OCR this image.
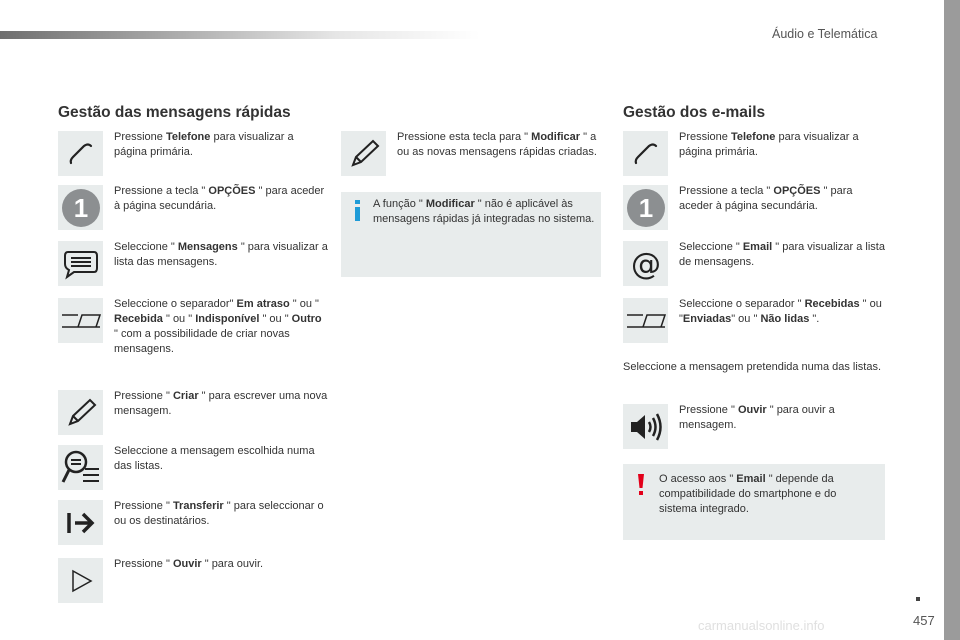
Áudio e Telemática
Gestão das mensagens rápidas
Pressione Telefone para visualizar a página primária.
1
Pressione a tecla " OPÇÕES " para aceder à página secundária.
Seleccione " Mensagens " para visualizar a lista das mensagens.
Seleccione o separador" Em atraso " ou " Recebida " ou " Indisponível " ou " Outro " com a possibilidade de criar novas mensagens.
Pressione " Criar " para escrever uma nova mensagem.
Seleccione a mensagem escolhida numa das listas.
Pressione " Transferir " para seleccionar o ou os destinatários.
Pressione " Ouvir " para ouvir.
Pressione esta tecla para " Modificar " a ou as novas mensagens rápidas criadas.
A função " Modificar " não é aplicável às mensagens rápidas já integradas no sistema.
Gestão dos e-mails
Pressione Telefone para visualizar a página primária.
1
Pressione a tecla " OPÇÕES " para aceder à página secundária.
@ Seleccione " Email " para visualizar a lista de mensagens.
Seleccione o separador " Recebidas " ou "Enviadas" ou " Não lidas ".
Seleccione a mensagem pretendida numa das listas.
Pressione " Ouvir " para ouvir a mensagem.
O acesso aos " Email " depende da compatibilidade do smartphone e do sistema integrado.
457
carmanualsonline.info
